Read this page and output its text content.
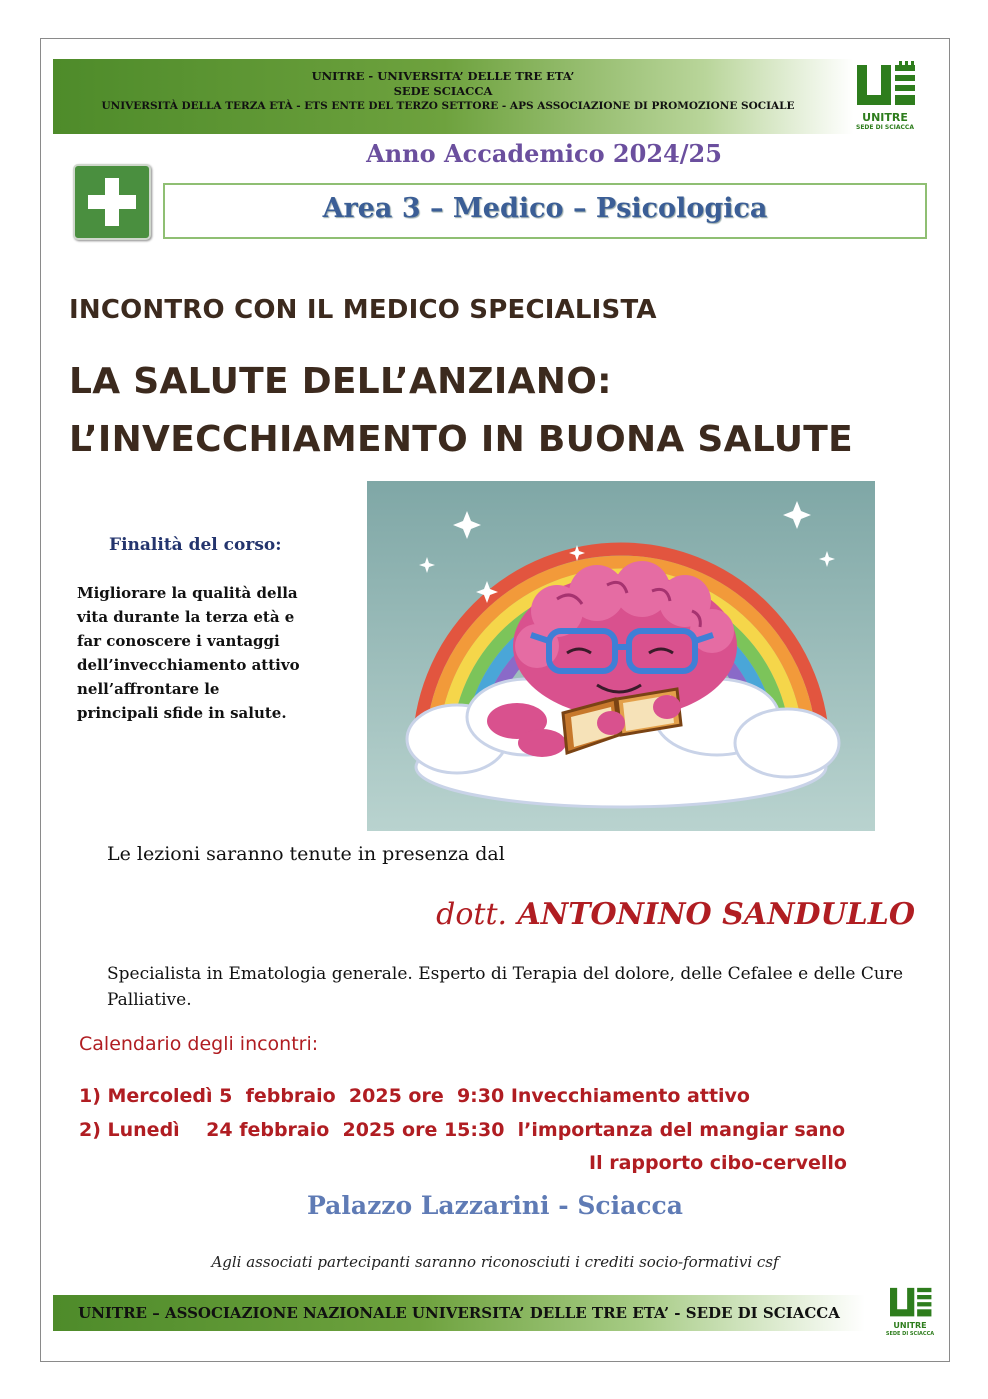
UNITRE - UNIVERSITA’ DELLE TRE ETA’
SEDE SCIACCA
UNIVERSITÀ DELLA TERZA ETÀ - ETS ENTE DEL TERZO SETTORE - APS ASSOCIAZIONE DI PROMOZIONE SOCIALE
UNITRE
SEDE DI SCIACCA
Anno Accademico 2024/25
Area 3 – Medico – Psicologica
INCONTRO CON IL MEDICO SPECIALISTA
LA SALUTE DELL’ANZIANO:
L’INVECCHIAMENTO IN BUONA SALUTE
Finalità del corso:
Migliorare la qualità della
vita durante la terza età e
far conoscere i vantaggi
dell’invecchiamento attivo
nell’affrontare le
principali sfide in salute.
Le lezioni saranno tenute in presenza dal
dott. ANTONINO SANDULLO
Specialista in Ematologia generale. Esperto di Terapia del dolore, delle Cefalee e delle Cure Palliative.
Calendario degli incontri:
1) Mercoledì 5  febbraio  2025 ore  9:30 Invecchiamento attivo
2) Lunedì    24 febbraio  2025 ore 15:30  l’importanza del mangiar sano
Il rapporto cibo-cervello
Palazzo Lazzarini - Sciacca
Agli associati partecipanti saranno riconosciuti i crediti socio-formativi csf
UNITRE – ASSOCIAZIONE NAZIONALE UNIVERSITA’ DELLE TRE ETA’ - SEDE DI SCIACCA
UNITRE
SEDE DI SCIACCA
